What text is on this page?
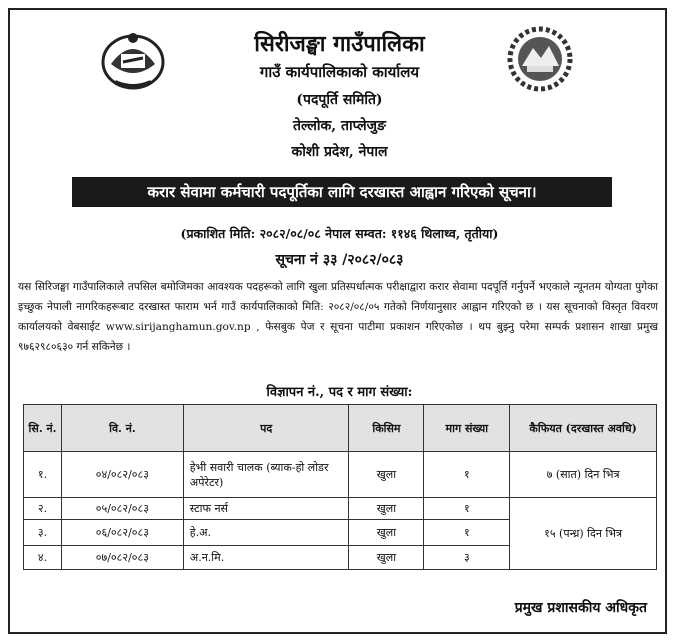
सिरीजङ्घा गाउँपालिका
गाउँ कार्यपालिकाको कार्यालय
(पदपूर्ति समिति)
तेल्लोक, ताप्लेजुङ
कोशी प्रदेश, नेपाल
करार सेवामा कर्मचारी पदपूर्तिका लागि दरखास्त आह्वान गरिएको सूचना।
(प्रकाशित मिति: २०८२/०८/०८ नेपाल सम्वत: ११४६ थिलाथ्व, तृतीया)
सूचना नं ३३ /२०८२/०८३
यस सिरिजङ्घा गाउँपालिकाले तपसिल बमोजिमका आवश्यक पदहरूको लागि खुला प्रतिस्पर्धात्मक परीक्षाद्वारा करार सेवामा पदपूर्ति गर्नुपर्ने भएकाले न्यूनतम योग्यता पुगेका इच्छुक नेपाली नागरिकहरूबाट दरखास्त फाराम भर्न गाउँ कार्यपालिकाको मिति: २०८२/०८/०५ गतेको निर्णयानुसार आह्वान गरिएको छ । यस सूचनाको विस्तृत विवरण कार्यालयको वेबसाईट www.sirijanghamun.gov.np , फेसबुक पेज र सूचना पाटीमा प्रकाशन गरिएकोछ । थप बुझ्नु परेमा सम्पर्क प्रशासन शाखा प्रमुख ९७६२९८०६३० गर्न सकिनेछ ।
विज्ञापन नं., पद र माग संख्या:
सि. नं.	वि. नं.	पद	किसिम	माग संख्या	कैफियत (दरखास्त अवधि)
१.	०४/०८२/०८३	हेभी सवारी चालक (ब्याक-हो लोडर अपेरेटर)	खुला	१	७ (सात) दिन भित्र
२.	०५/०८२/०८३	स्टाफ नर्स	खुला	१	१५ (पन्ध्र) दिन भित्र
३.	०६/०८२/०८३	हे.अ.	खुला	१	
४.	०७/०८२/०८३	अ.न.मि.	खुला	३	
प्रमुख प्रशासकीय अधिकृत
